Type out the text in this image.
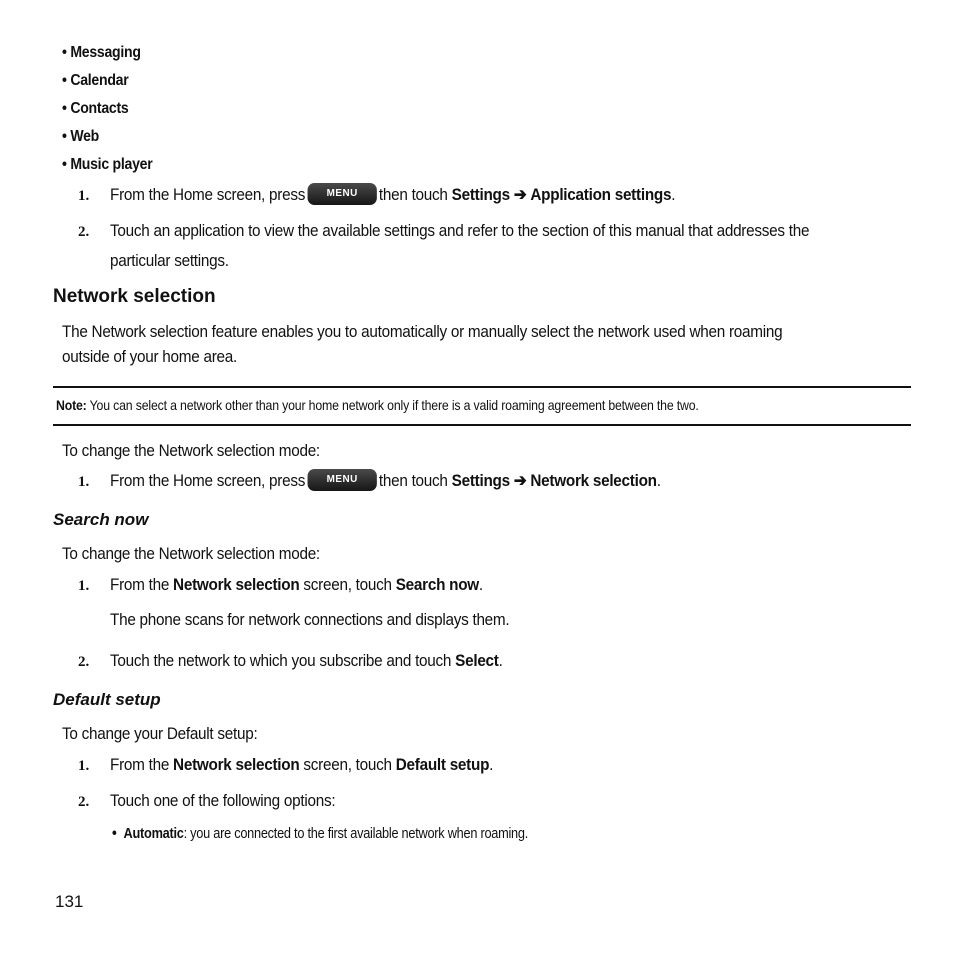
• Messaging
• Calendar
• Contacts
• Web
• Music player
1. From the Home screen, press MENU then touch Settings ➔ Application settings.
2. Touch an application to view the available settings and refer to the section of this manual that addresses the
particular settings.
Network selection
The Network selection feature enables you to automatically or manually select the network used when roaming
outside of your home area.
Note: You can select a network other than your home network only if there is a valid roaming agreement between the two.
To change the Network selection mode:
1. From the Home screen, press MENU then touch Settings ➔ Network selection.
Search now
To change the Network selection mode:
1. From the Network selection screen, touch Search now.
The phone scans for network connections and displays them.
2. Touch the network to which you subscribe and touch Select.
Default setup
To change your Default setup:
1. From the Network selection screen, touch Default setup.
2. Touch one of the following options:
•  Automatic: you are connected to the first available network when roaming.
131
